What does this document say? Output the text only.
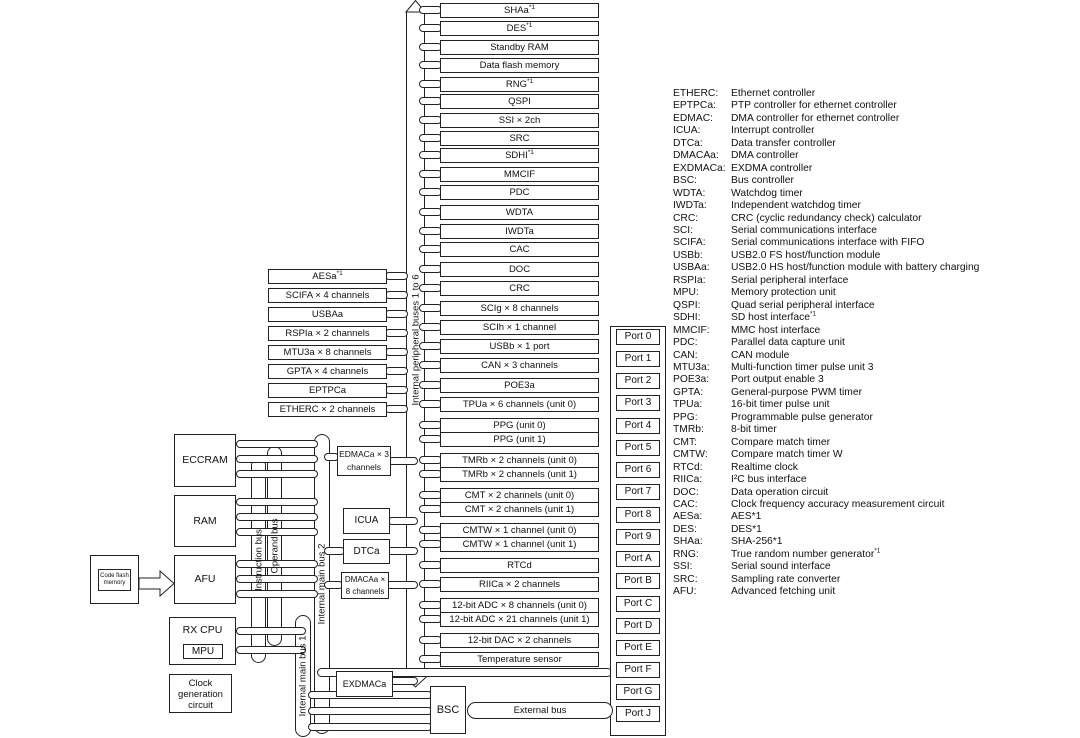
Internal peripheral buses 1 to 6
Instruction bus Operand bus	Internal main bus 2
Internal main bus 1	External bus
ECCRAM
RAM
AFU
RX CPU
MPU
Clock generation circuit
Code flash memory
EDMACa × 3 channels
ICUA
DTCa
DMACAa × 8 channels
EXDMACa
BSC
ETHERC: Ethernet controller
EPTPCa: PTP controller for ethernet controller
EDMAC: DMA controller for ethernet controller
ICUA:	Interrupt controller
DTCa:	Data transfer controller
DMACAa: DMA controller
EXDMACa: EXDMA controller
BSC:	Bus controller
WDTA: Watchdog timer
IWDTa: Independent watchdog timer
CRC:	CRC (cyclic redundancy check) calculator
SCI:	Serial communications interface
SCIFA: Serial communications interface with FIFO
USBb:	USB2.0 FS host/function module
USBAa: USB2.0 HS host/function module with battery charging
RSPIa: Serial peripheral interface
MPU:	Memory protection unit
QSPI:	Quad serial peripheral interface
SDHI:	SD host interface$^{*1}$
MMCIF: MMC host interface
PDC:	Parallel data capture unit
CAN:	CAN module
MTU3a: Multi-function timer pulse unit 3
POE3a: Port output enable 3
GPTA:	General-purpose PWM timer
TPUa:	16-bit timer pulse unit
PPG:	Programmable pulse generator
TMRb:	8-bit timer
CMT:	Compare match timer
CMTW: Compare match timer W
RTCd:	Realtime clock
RIICa:	I²C bus interface
DOC:	Data operation circuit
CAC:	Clock frequency accuracy measurement circuit
AESa:	AES*1
DES:	DES*1
SHAa:	SHA-256*1
RNG:	True random number generator$^{*1}$
SSI:	Serial sound interface
SRC:	Sampling rate converter
AFU:	Advanced fetching unit
SHAa$^{*1}$
DES$^{*1}$
Standby RAM
Data flash memory
RNG$^{*1}$
QSPI
SSI × 2ch
SRC
SDHI$^{*1}$
MMCIF
PDC
WDTA
IWDTa
CAC
DOC
CRC
SCIg × 8 channels
SCIh × 1 channel
USBb × 1 port
CAN × 3 channels
POE3a
TPUa × 6 channels (unit 0)
PPG (unit 0)
PPG (unit 1)
TMRb × 2 channels (unit 0)
TMRb × 2 channels (unit 1)
CMT × 2 channels (unit 0)
CMT × 2 channels (unit 1)
CMTW × 1 channel (unit 0)
CMTW × 1 channel (unit 1)
RTCd
RIICa × 2 channels
12-bit ADC × 8 channels (unit 0)
12-bit ADC × 21 channels (unit 1)
12-bit DAC × 2 channels
Temperature sensor
AESa$^{*1}$
SCIFA × 4 channels
USBAa
RSPIa × 2 channels
MTU3a × 8 channels
GPTA × 4 channels
EPTPCa
ETHERC × 2 channels
Port 0
Port 1
Port 2
Port 3
Port 4
Port 5
Port 6
Port 7
Port 8
Port 9
Port A
Port B
Port C
Port D
Port E
Port F
Port G
Port J
